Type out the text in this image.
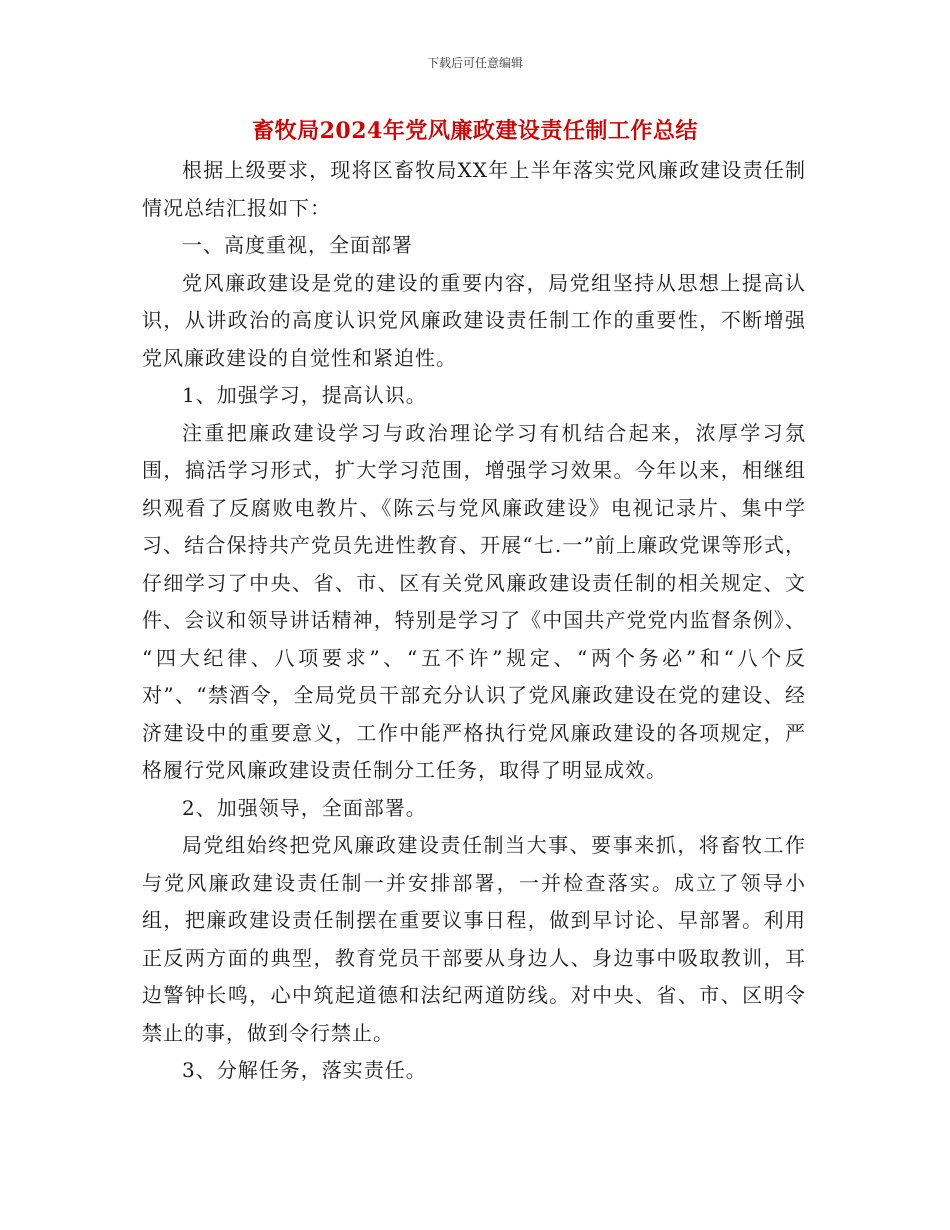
下载后可任意编辑
畜牧局2024年党风廉政建设责任制工作总结

根据上级要求，现将区畜牧局XX年上半年落实党风廉政建设责任制情况总结汇报如下：

一、高度重视，全面部署

党风廉政建设是党的建设的重要内容，局党组坚持从思想上提高认识，从讲政治的高度认识党风廉政建设责任制工作的重要性，不断增强党风廉政建设的自觉性和紧迫性。

1、加强学习，提高认识。

注重把廉政建设学习与政治理论学习有机结合起来，浓厚学习氛围，搞活学习形式，扩大学习范围，增强学习效果。今年以来，相继组织观看了反腐败电教片、《陈云与党风廉政建设》电视记录片、集中学习、结合保持共产党员先进性教育、开展“七.一”前上廉政党课等形式，仔细学习了中央、省、市、区有关党风廉政建设责任制的相关规定、文件、会议和领导讲话精神，特别是学习了《中国共产党党内监督条例》、 “四大纪律、八项要求”、“五不许”规定、“两个务必”和“八个反对”、“禁酒令，全局党员干部充分认识了党风廉政建设在党的建设、经济建设中的重要意义，工作中能严格执行党风廉政建设的各项规定，严格履行党风廉政建设责任制分工任务，取得了明显成效。

2、加强领导，全面部署。

局党组始终把党风廉政建设责任制当大事、要事来抓，将畜牧工作与党风廉政建设责任制一并安排部署，一并检查落实。成立了领导小组，把廉政建设责任制摆在重要议事日程，做到早讨论、早部署。利用正反两方面的典型，教育党员干部要从身边人、身边事中吸取教训，耳边警钟长鸣，心中筑起道德和法纪两道防线。对中央、省、市、区明令禁止的事，做到令行禁止。

3、分解任务，落实责任。
